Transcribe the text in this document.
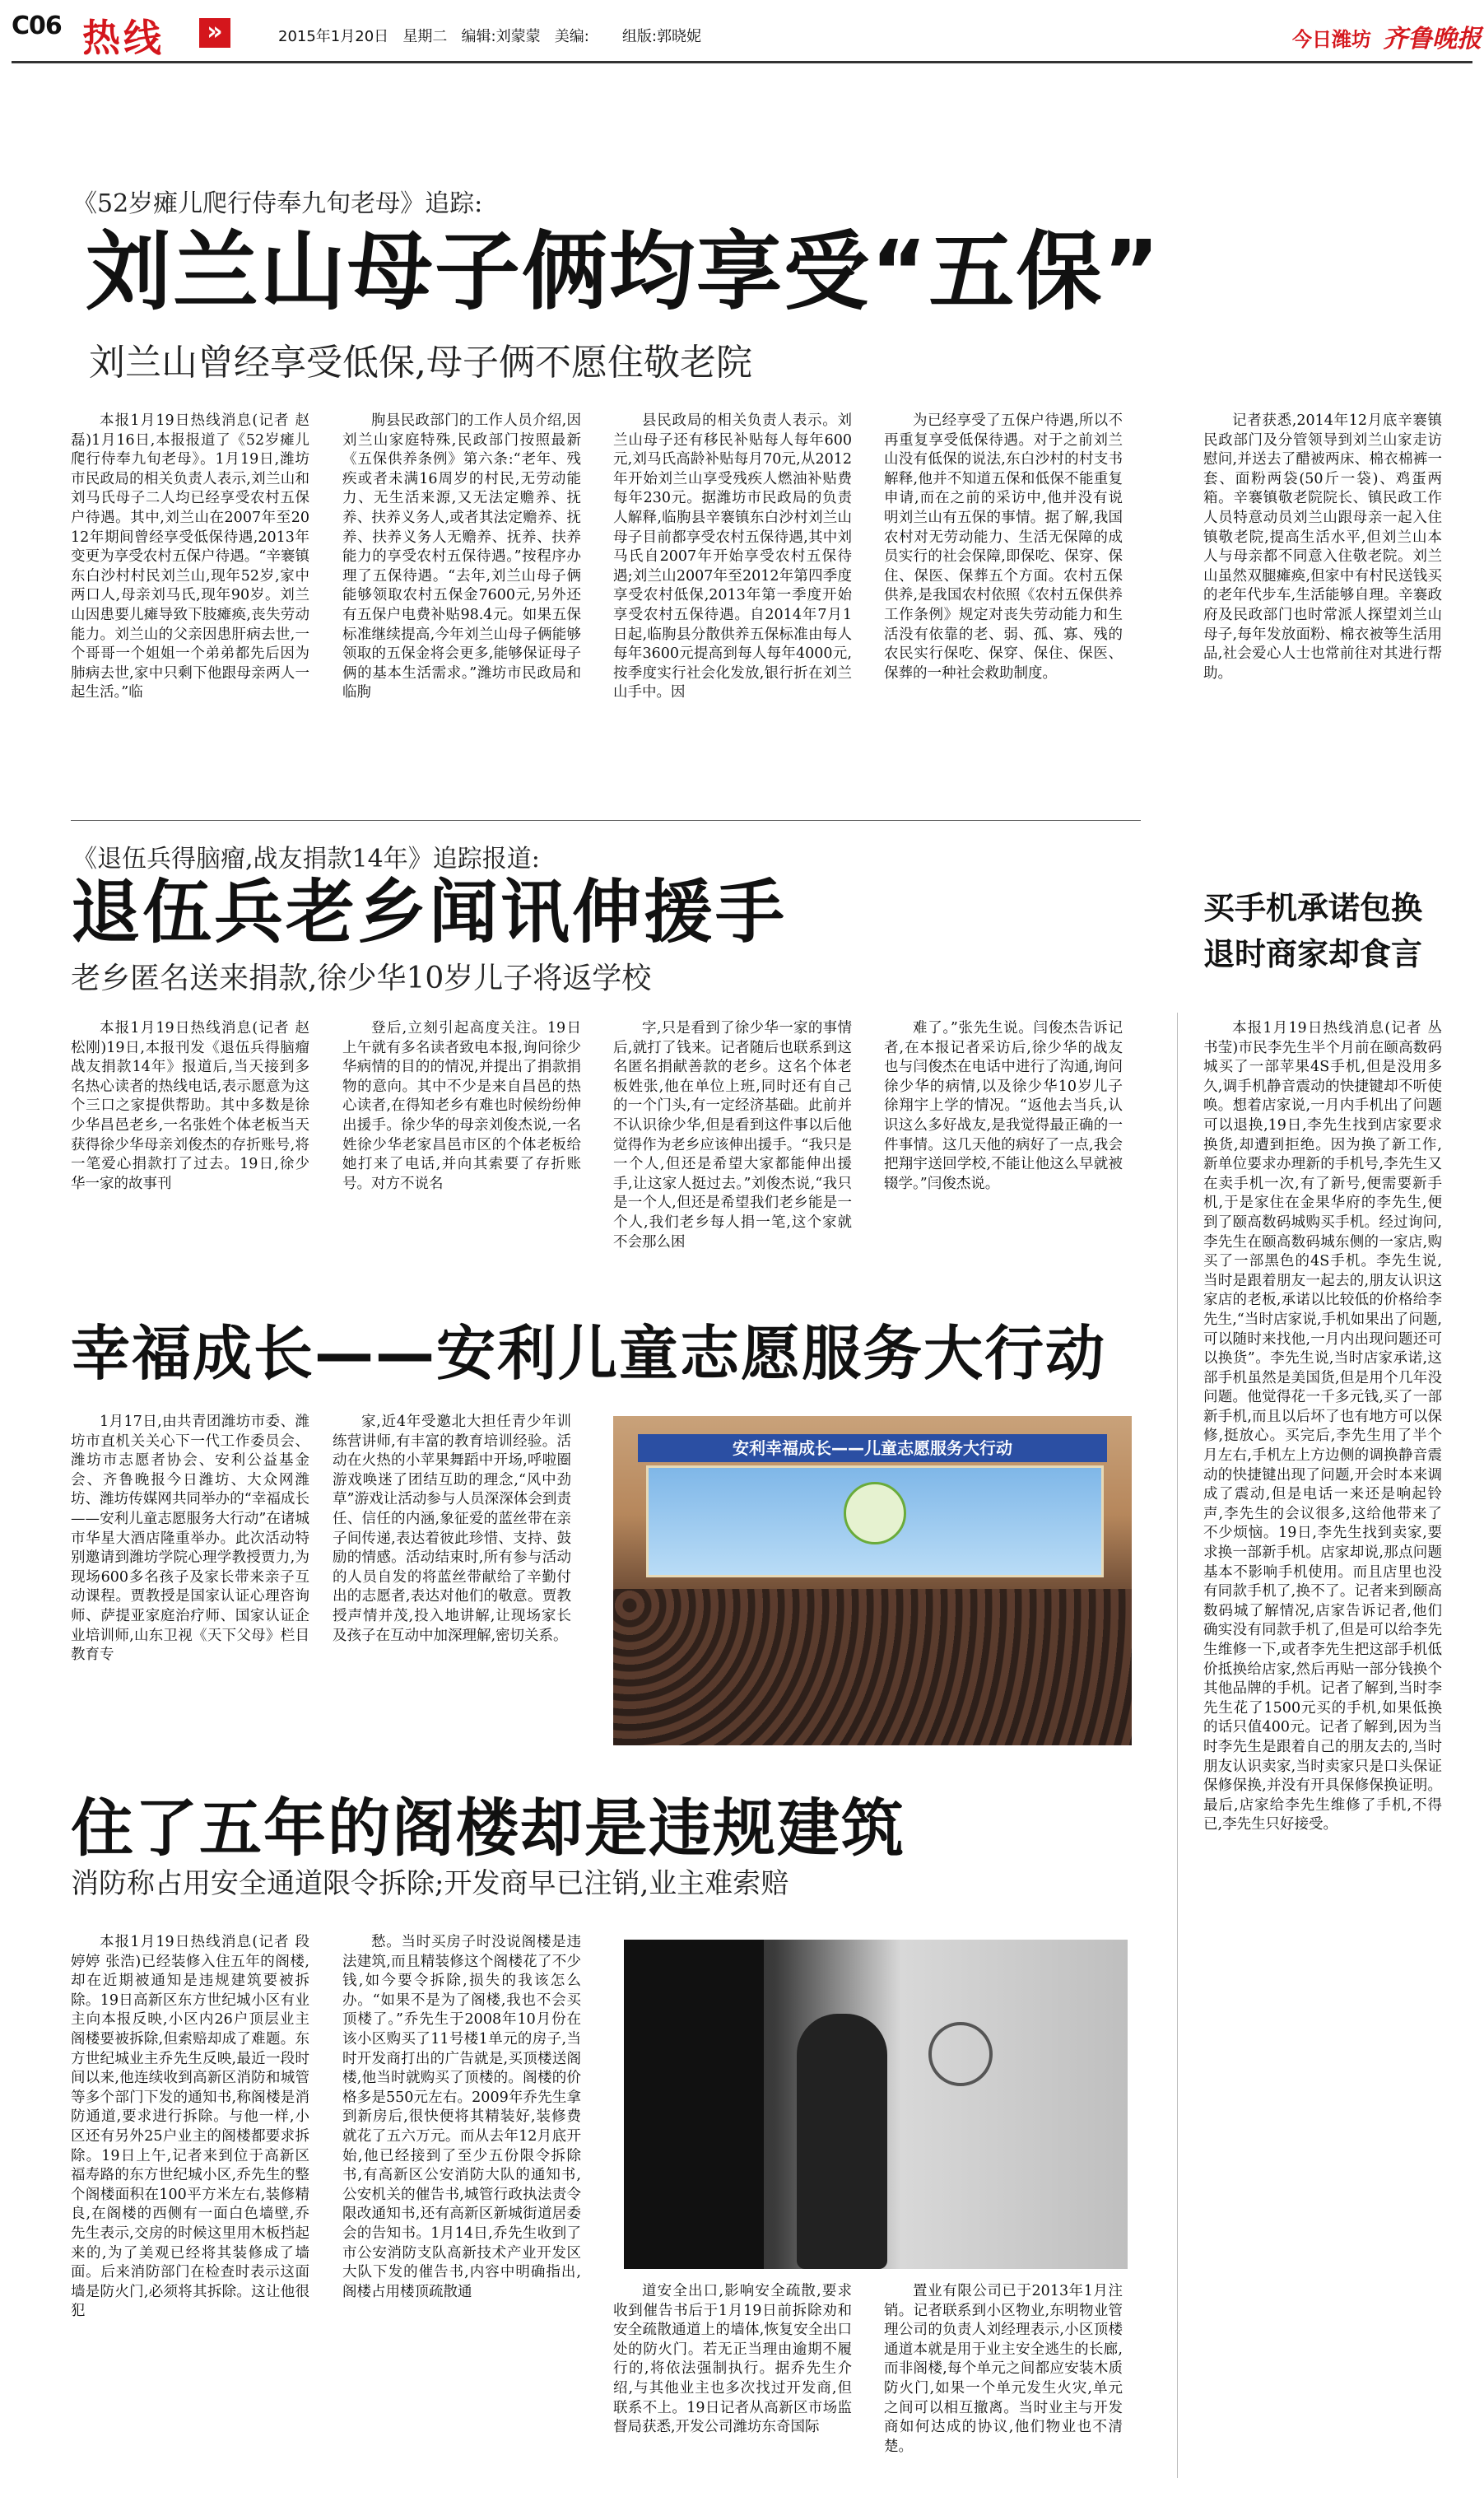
C06 热线	»	2015年1月20日 星期二 编辑:刘蒙蒙 美编: 组版:郭晓妮	今日潍坊 齐鲁晚报
《52岁瘫儿爬行侍奉九旬老母》追踪:
刘兰山母子俩均享受“五保”
刘兰山曾经享受低保,母子俩不愿住敬老院
本报1月19日热线消息(记者 赵磊)1月16日,本报报道了《52岁瘫儿爬行侍奉九旬老母》。1月19日,潍坊市民政局的相关负责人表示,刘兰山和刘马氏母子二人均已经享受农村五保户待遇。其中,刘兰山在2007年至2012年期间曾经享受低保待遇,2013年变更为享受农村五保户待遇。“辛褰镇东白沙村村民刘兰山,现年52岁,家中两口人,母亲刘马氏,现年90岁。刘兰山因患要儿瘫导致下肢瘫痪,丧失劳动能力。刘兰山的父亲因患肝病去世,一个哥哥一个姐姐一个弟弟都先后因为肺病去世,家中只剩下他跟母亲两人一起生活。”临
朐县民政部门的工作人员介绍,因刘兰山家庭特殊,民政部门按照最新《五保供养条例》第六条:“老年、残疾或者未满16周岁的村民,无劳动能力、无生活来源,又无法定赡养、抚养、扶养义务人,或者其法定赡养、抚养、扶养义务人无赡养、抚养、扶养能力的享受农村五保待遇。”按程序办理了五保待遇。“去年,刘兰山母子俩能够领取农村五保金7600元,另外还有五保户电费补贴98.4元。如果五保标准继续提高,今年刘兰山母子俩能够领取的五保金将会更多,能够保证母子俩的基本生活需求。”潍坊市民政局和临朐
县民政局的相关负责人表示。刘兰山母子还有移民补贴每人每年600元,刘马氏高龄补贴每月70元,从2012年开始刘兰山享受残疾人燃油补贴费每年230元。据潍坊市民政局的负责人解释,临朐县辛褰镇东白沙村刘兰山母子目前都享受农村五保待遇,其中刘马氏自2007年开始享受农村五保待遇;刘兰山2007年至2012年第四季度享受农村低保,2013年第一季度开始享受农村五保待遇。自2014年7月1日起,临朐县分散供养五保标准由每人每年3600元提高到每人每年4000元,按季度实行社会化发放,银行折在刘兰山手中。因
为已经享受了五保户待遇,所以不再重复享受低保待遇。对于之前刘兰山没有低保的说法,东白沙村的村支书解释,他并不知道五保和低保不能重复申请,而在之前的采访中,他并没有说明刘兰山有五保的事情。据了解,我国农村对无劳动能力、生活无保障的成员实行的社会保障,即保吃、保穿、保住、保医、保葬五个方面。农村五保供养,是我国农村依照《农村五保供养工作条例》规定对丧失劳动能力和生活没有依靠的老、弱、孤、寡、残的农民实行保吃、保穿、保住、保医、保葬的一种社会救助制度。
记者获悉,2014年12月底辛褰镇民政部门及分管领导到刘兰山家走访慰问,并送去了醋被两床、棉衣棉裤一套、面粉两袋(50斤一袋)、鸡蛋两箱。辛褰镇敬老院院长、镇民政工作人员特意动员刘兰山跟母亲一起入住镇敬老院,提高生活水平,但刘兰山本人与母亲都不同意入住敬老院。刘兰山虽然双腿瘫痪,但家中有村民送钱买的老年代步车,生活能够自理。辛褰政府及民政部门也时常派人探望刘兰山母子,每年发放面粉、棉衣被等生活用品,社会爱心人士也常前往对其进行帮助。
《退伍兵得脑瘤,战友捐款14年》追踪报道:
退伍兵老乡闻讯伸援手
老乡匿名送来捐款,徐少华10岁儿子将返学校
本报1月19日热线消息(记者 赵松刚)19日,本报刊发《退伍兵得脑瘤战友捐款14年》报道后,当天接到多名热心读者的热线电话,表示愿意为这个三口之家提供帮助。其中多数是徐少华昌邑老乡,一名张姓个体老板当天获得徐少华母亲刘俊杰的存折账号,将一笔爱心捐款打了过去。19日,徐少华一家的故事刊
登后,立刻引起高度关注。19日上午就有多名读者致电本报,询问徐少华病情的目的的情况,并提出了捐款捐物的意向。其中不少是来自昌邑的热心读者,在得知老乡有难也时候纷纷伸出援手。徐少华的母亲刘俊杰说,一名姓徐少华老家昌邑市区的个体老板给她打来了电话,并向其索要了存折账号。对方不说名
字,只是看到了徐少华一家的事情后,就打了钱来。记者随后也联系到这名匿名捐献善款的老乡。这名个体老板姓张,他在单位上班,同时还有自己的一个门头,有一定经济基础。此前并不认识徐少华,但是看到这件事以后他觉得作为老乡应该伸出援手。“我只是一个人,但还是希望大家都能伸出援手,让这家人挺过去。”刘俊杰说,“我只是一个人,但还是希望我们老乡能是一个人,我们老乡每人捐一笔,这个家就不会那么困
难了。”张先生说。闫俊杰告诉记者,在本报记者采访后,徐少华的战友也与闫俊杰在电话中进行了沟通,询问徐少华的病情,以及徐少华10岁儿子徐翔宇上学的情况。“返他去当兵,认识这么多好战友,是我觉得最正确的一件事情。这几天他的病好了一点,我会把翔宇送回学校,不能让他这么早就被辍学。”闫俊杰说。
买手机承诺包换
退时商家却食言
本报1月19日热线消息(记者 丛书莹)市民李先生半个月前在颐高数码城买了一部苹果4S手机,但是没用多久,调手机静音震动的快捷键却不听使唤。想着店家说,一月内手机出了问题可以退换,19日,李先生找到店家要求换货,却遭到拒绝。因为换了新工作,新单位要求办理新的手机号,李先生又在卖手机一次,有了新号,便需要新手机,于是家住在金果华府的李先生,便到了颐高数码城购买手机。经过询问,李先生在颐高数码城东侧的一家店,购买了一部黑色的4S手机。李先生说,当时是跟着朋友一起去的,朋友认识这家店的老板,承诺以比较低的价格给李先生,“当时店家说,手机如果出了问题,可以随时来找他,一月内出现问题还可以换货”。李先生说,当时店家承诺,这部手机虽然是美国货,但是用个几年没问题。他觉得花一千多元钱,买了一部新手机,而且以后坏了也有地方可以保修,挺放心。买完后,李先生用了半个月左右,手机左上方边侧的调换静音震动的快捷键出现了问题,开会时本来调成了震动,但是电话一来还是响起铃声,李先生的会议很多,这给他带来了不少烦恼。19日,李先生找到卖家,要求换一部新手机。店家却说,那点问题基本不影响手机使用。而且店里也没有同款手机了,换不了。记者来到颐高数码城了解情况,店家告诉记者,他们确实没有同款手机了,但是可以给李先生维修一下,或者李先生把这部手机低价抵换给店家,然后再贴一部分钱换个其他品牌的手机。记者了解到,当时李先生花了1500元买的手机,如果低换的话只值400元。记者了解到,因为当时李先生是跟着自己的朋友去的,当时朋友认识卖家,当时卖家只是口头保证保修保换,并没有开具保修保换证明。最后,店家给李先生维修了手机,不得已,李先生只好接受。
幸福成长——安利儿童志愿服务大行动
1月17日,由共青团潍坊市委、潍坊市直机关关心下一代工作委员会、潍坊市志愿者协会、安利公益基金会、齐鲁晚报今日潍坊、大众网潍坊、潍坊传媒网共同举办的“幸福成长——安利儿童志愿服务大行动”在诸城市华星大酒店隆重举办。此次活动特别邀请到潍坊学院心理学教授贾力,为现场600多名孩子及家长带来亲子互动课程。贾教授是国家认证心理咨询师、萨提亚家庭治疗师、国家认证企业培训师,山东卫视《天下父母》栏目教育专
家,近4年受邀北大担任青少年训练营讲师,有丰富的教育培训经验。活动在火热的小苹果舞蹈中开场,呼啦圈游戏唤迷了团结互助的理念,“风中劲草”游戏让活动参与人员深深体会到责任、信任的内涵,象征爱的蓝丝带在亲子间传递,表达着彼此珍惜、支持、鼓励的情感。活动结束时,所有参与活动的人员自发的将蓝丝带献给了辛勤付出的志愿者,表达对他们的敬意。贾教授声情并茂,投入地讲解,让现场家长及孩子在互动中加深理解,密切关系。
安利幸福成长——儿童志愿服务大行动
住了五年的阁楼却是违规建筑
消防称占用安全通道限令拆除;开发商早已注销,业主难索赔
本报1月19日热线消息(记者 段婷婷 张浩)已经装修入住五年的阁楼,却在近期被通知是违规建筑要被拆除。19日高新区东方世纪城小区有业主向本报反映,小区内26户顶层业主阁楼要被拆除,但索赔却成了难题。东方世纪城业主乔先生反映,最近一段时间以来,他连续收到高新区消防和城管等多个部门下发的通知书,称阁楼是消防通道,要求进行拆除。与他一样,小区还有另外25户业主的阁楼都要求拆除。19日上午,记者来到位于高新区福寿路的东方世纪城小区,乔先生的整个阁楼面积在100平方米左右,装修精良,在阁楼的西侧有一面白色墙壁,乔先生表示,交房的时候这里用木板挡起来的,为了美观已经将其装修成了墙面。后来消防部门在检查时表示这面墙是防火门,必须将其拆除。这让他很犯
愁。当时买房子时没说阁楼是违法建筑,而且精装修这个阁楼花了不少钱,如今要令拆除,损失的我该怎么办。“如果不是为了阁楼,我也不会买顶楼了。”乔先生于2008年10月份在该小区购买了11号楼1单元的房子,当时开发商打出的广告就是,买顶楼送阁楼,他当时就购买了顶楼的。阁楼的价格多是550元左右。2009年乔先生拿到新房后,很快便将其精装好,装修费就花了五六万元。而从去年12月底开始,他已经接到了至少五份限令拆除书,有高新区公安消防大队的通知书,公安机关的催告书,城管行政执法责令限改通知书,还有高新区新城街道居委会的告知书。1月14日,乔先生收到了市公安消防支队高新技术产业开发区大队下发的催告书,内容中明确指出,阁楼占用楼顶疏散通	道安全出口,影响安全疏散,要求收到催告书后于1月19日前拆除劝和安全疏散通道上的墙体,恢复安全出口处的防火门。若无正当理由逾期不履行的,将依法强制执行。据乔先生介绍,与其他业主也多次找过开发商,但联系不上。19日记者从高新区市场监督局获悉,开发公司潍坊东奇国际
置业有限公司已于2013年1月注销。记者联系到小区物业,东明物业管理公司的负责人刘经理表示,小区顶楼通道本就是用于业主安全逃生的长廊,而非阁楼,每个单元之间都应安装木质防火门,如果一个单元发生火灾,单元之间可以相互撤离。当时业主与开发商如何达成的协议,他们物业也不清楚。
